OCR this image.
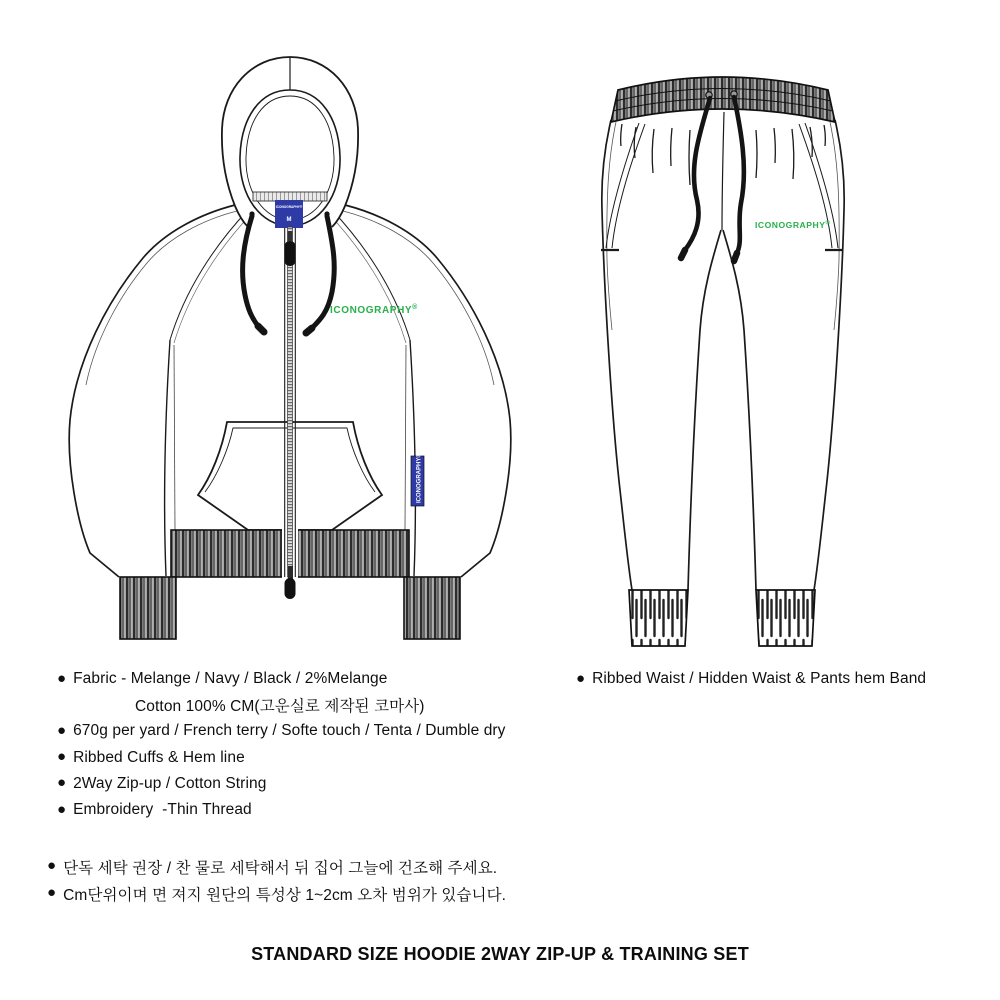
ICONOGRAPHY®
M
ICONOGRAPHY®
ICONOGRAPHY®
ICONOGRAPHY®
● Fabric - Melange / Navy / Black / 2%Melange
Cotton 100% CM(고운실로 제작된 코마사)
● 670g per yard / French terry / Softe touch / Tenta / Dumble dry
● Ribbed Cuffs & Hem line
● 2Way Zip-up / Cotton String
● Embroidery  -Thin Thread
● Ribbed Waist / Hidden Waist & Pants hem Band
● 단독 세탁 권장 / 찬 물로 세탁해서 뒤 집어 그늘에 건조해 주세요.
● Cm단위이며 면 져지 원단의 특성상 1~2cm 오차 범위가 있습니다.
STANDARD SIZE HOODIE 2WAY ZIP-UP & TRAINING SET
